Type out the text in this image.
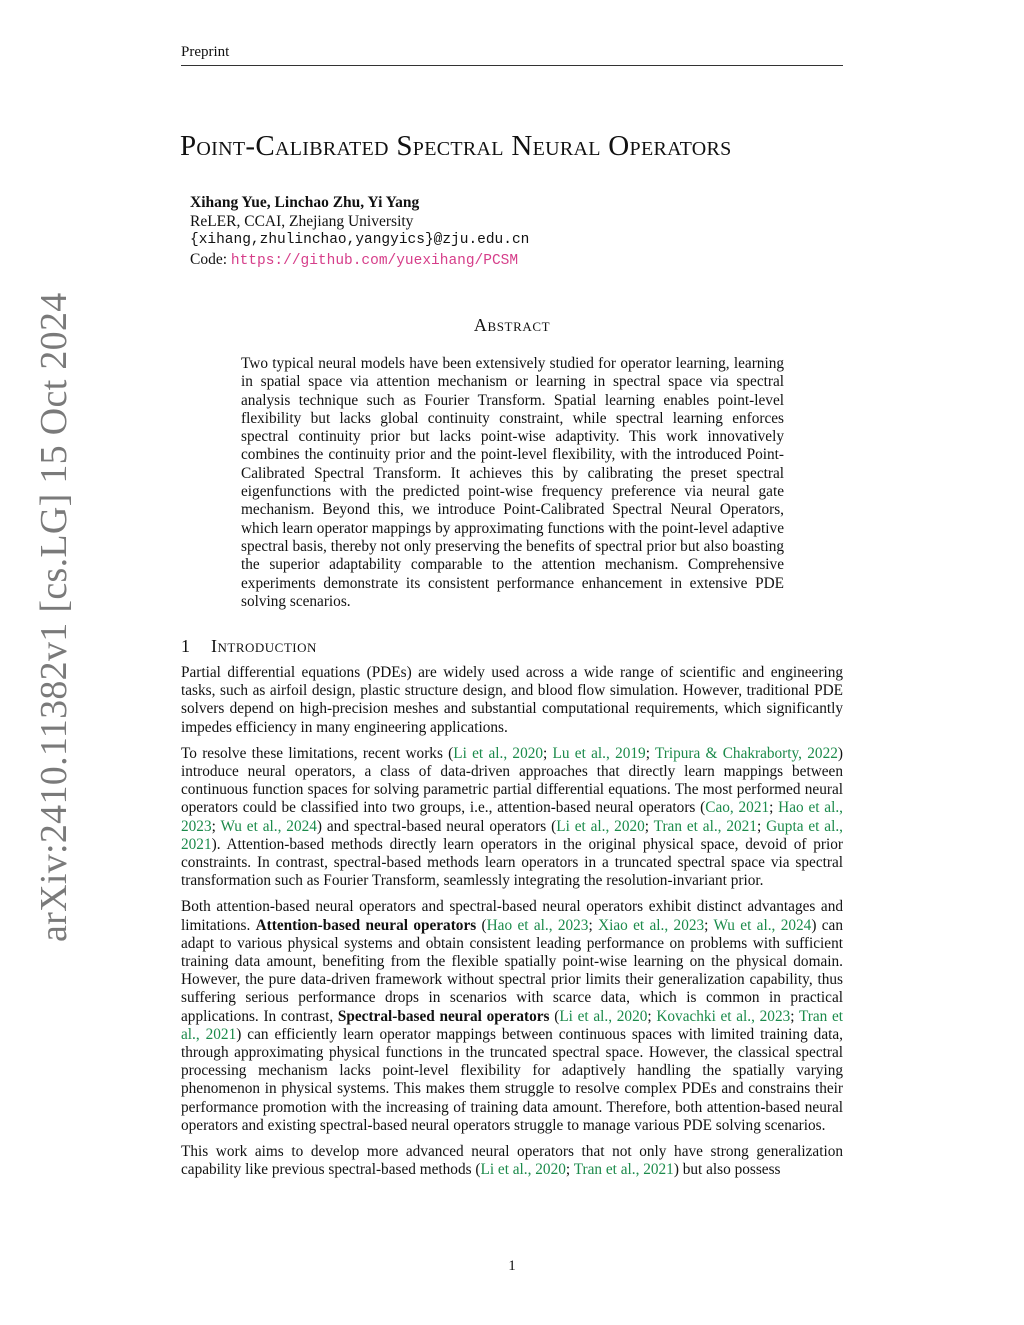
Preprint
arXiv:2410.11382v1 [cs.LG] 15 Oct 2024
Point-Calibrated Spectral Neural Operators
Xihang Yue, Linchao Zhu, Yi Yang
ReLER, CCAI, Zhejiang University
{xihang,zhulinchao,yangyics}@zju.edu.cn
Code: https://github.com/yuexihang/PCSM
Abstract
Two typical neural models have been extensively studied for operator learning, learning in spatial space via attention mechanism or learning in spectral space via spectral analysis technique such as Fourier Transform. Spatial learning enables point-level flexibility but lacks global continuity constraint, while spectral learning enforces spectral continuity prior but lacks point-wise adaptivity. This work innovatively combines the continuity prior and the point-level flexibility, with the introduced Point-Calibrated Spectral Transform. It achieves this by calibrating the preset spectral eigenfunctions with the predicted point-wise frequency preference via neural gate mechanism. Beyond this, we introduce Point-Calibrated Spectral Neural Operators, which learn operator mappings by approximating functions with the point-level adaptive spectral basis, thereby not only preserving the benefits of spectral prior but also boasting the superior adaptability comparable to the attention mechanism. Comprehensive experiments demonstrate its consistent performance enhancement in extensive PDE solving scenarios.
1 Introduction

Partial differential equations (PDEs) are widely used across a wide range of scientific and engineering tasks, such as airfoil design, plastic structure design, and blood flow simulation. However, traditional PDE solvers depend on high-precision meshes and substantial computational requirements, which significantly impedes efficiency in many engineering applications.

To resolve these limitations, recent works (Li et al., 2020; Lu et al., 2019; Tripura & Chakraborty, 2022) introduce neural operators, a class of data-driven approaches that directly learn mappings between continuous function spaces for solving parametric partial differential equations. The most performed neural operators could be classified into two groups, i.e., attention-based neural operators (Cao, 2021; Hao et al., 2023; Wu et al., 2024) and spectral-based neural operators (Li et al., 2020; Tran et al., 2021; Gupta et al., 2021). Attention-based methods directly learn operators in the original physical space, devoid of prior constraints. In contrast, spectral-based methods learn operators in a truncated spectral space via spectral transformation such as Fourier Transform, seamlessly integrating the resolution-invariant prior.

Both attention-based neural operators and spectral-based neural operators exhibit distinct advantages and limitations. Attention-based neural operators (Hao et al., 2023; Xiao et al., 2023; Wu et al., 2024) can adapt to various physical systems and obtain consistent leading performance on problems with sufficient training data amount, benefiting from the flexible spatially point-wise learning on the physical domain. However, the pure data-driven framework without spectral prior limits their generalization capability, thus suffering serious performance drops in scenarios with scarce data, which is common in practical applications. In contrast, Spectral-based neural operators (Li et al., 2020; Kovachki et al., 2023; Tran et al., 2021) can efficiently learn operator mappings between continuous spaces with limited training data, through approximating physical functions in the truncated spectral space. However, the classical spectral processing mechanism lacks point-level flexibility for adaptively handling the spatially varying phenomenon in physical systems. This makes them struggle to resolve complex PDEs and constrains their performance promotion with the increasing of training data amount. Therefore, both attention-based neural operators and existing spectral-based neural operators struggle to manage various PDE solving scenarios.

This work aims to develop more advanced neural operators that not only have strong generalization capability like previous spectral-based methods (Li et al., 2020; Tran et al., 2021) but also possess

1
